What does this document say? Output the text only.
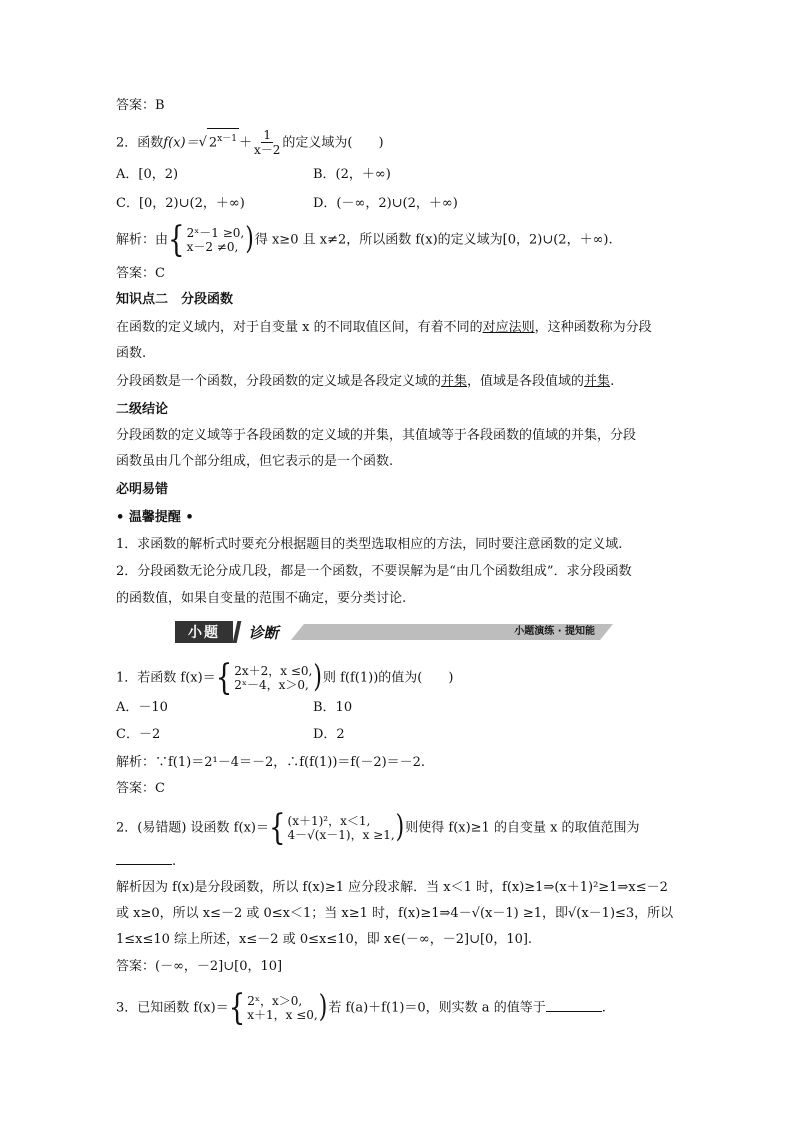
答案：B
2．函数f(x)＝√ $2^{x-1} + \frac{1}{x-2}$ 的定义域为(　　)
A．[0，2)	B．(2，＋∞)
C．[0，2)∪(2，＋∞)	D．(－∞，2)∪(2，＋∞)
解析：由 { 2ˣ－1 ≥0,
x－2 ≠0, ) 得 x≥0 且 x≠2，所以函数 f(x)的定义域为[0，2)∪(2，＋∞).
答案：C
知识点二　分段函数
在函数的定义域内，对于自变量 x 的不同取值区间，有着不同的对应法则，这种函数称为分段
函数.
分段函数是一个函数，分段函数的定义域是各段定义域的并集，值域是各段值域的并集.
二级结论
分段函数的定义域等于各段函数的定义域的并集，其值域等于各段函数的值域的并集，分段
函数虽由几个部分组成，但它表示的是一个函数.
必明易错
• 温馨提醒 •
1．求函数的解析式时要充分根据题目的类型选取相应的方法，同时要注意函数的定义域.
2．分段函数无论分成几段，都是一个函数，不要误解为是“由几个函数组成”．求分段函数
的函数值，如果自变量的范围不确定，要分类讨论.
小题	诊断	小题演练 · 提知能
1．若函数 f(x)＝ { 2x＋2，x ≤0,
2ˣ－4，x＞0, ) 则 f(f(1))的值为(　　)
A．－10	B．10
C．－2	D．2
解析：∵f(1)＝2¹－4＝－2，∴f(f(1))＝f(－2)＝－2.
答案：C
2．(易错题) 设函数 f(x)＝ { (x＋1)²，x＜1,
4－√(x－1)，x ≥1, ) 则使得 f(x)≥1 的自变量 x 的取值范围为
.
解析因为 f(x)是分段函数，所以 f(x)≥1 应分段求解．当 x＜1 时，f(x)≥1⇒(x＋1)²≥1⇒x≤－2
或 x≥0，所以 x≤－2 或 0≤x＜1；当 x≥1 时，f(x)≥1⇒4－√(x－1) ≥1，即√(x－1)≤3，所以
1≤x≤10 综上所述，x≤－2 或 0≤x≤10，即 x∈(－∞，－2]∪[0，10].
答案：(－∞，－2]∪[0，10]
3．已知函数 f(x)＝ { 2ˣ，x＞0,
x＋1，x ≤0, ) 若 f(a)＋f(1)＝0，则实数 a 的值等于	.
